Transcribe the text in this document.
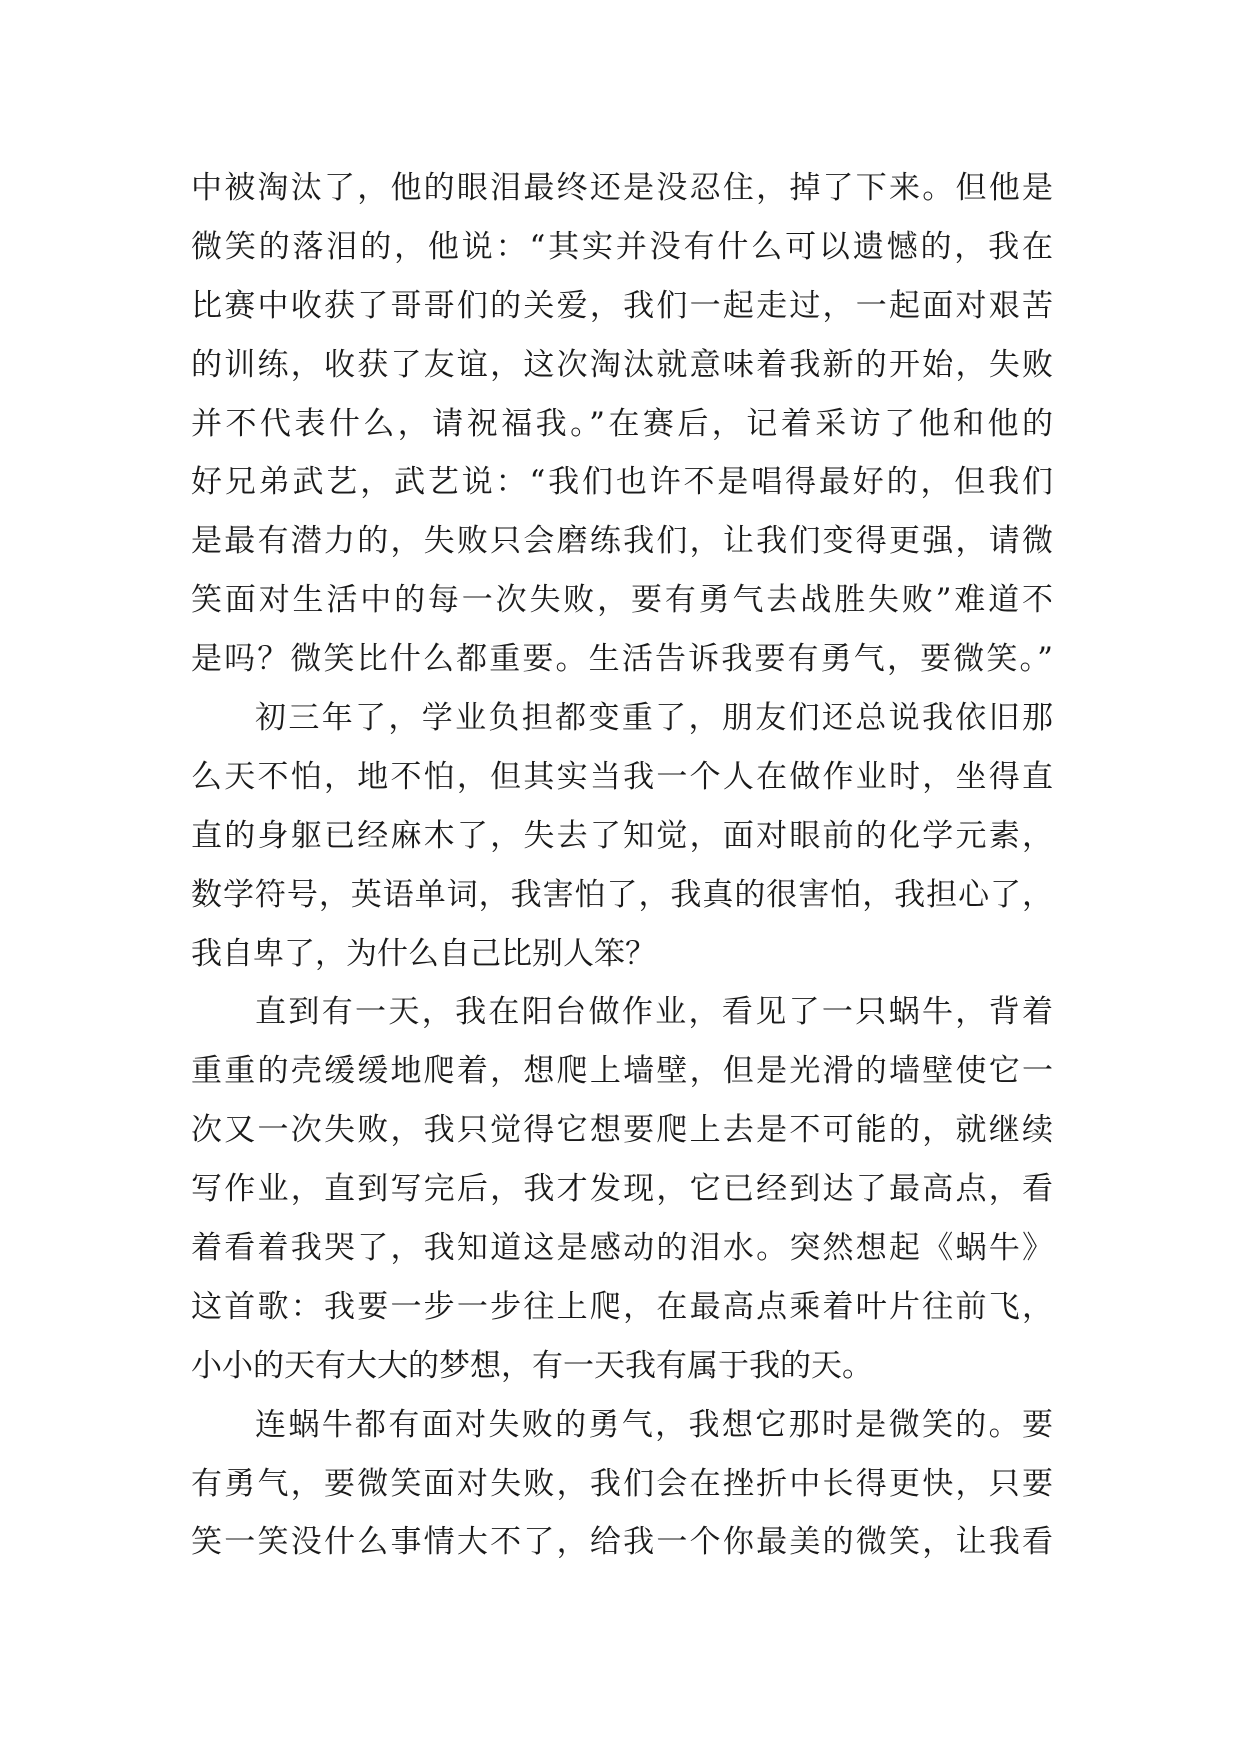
中被淘汰了，他的眼泪最终还是没忍住，掉了下来。但他是
微笑的落泪的，他说：“其实并没有什么可以遗憾的，我在
比赛中收获了哥哥们的关爱，我们一起走过，一起面对艰苦
的训练，收获了友谊，这次淘汰就意味着我新的开始，失败
并不代表什么，请祝福我。”在赛后，记着采访了他和他的
好兄弟武艺，武艺说：“我们也许不是唱得最好的，但我们
是最有潜力的，失败只会磨练我们，让我们变得更强，请微
笑面对生活中的每一次失败，要有勇气去战胜失败”难道不
是吗？微笑比什么都重要。生活告诉我要有勇气，要微笑。”
初三年了，学业负担都变重了，朋友们还总说我依旧那
么天不怕，地不怕，但其实当我一个人在做作业时，坐得直
直的身躯已经麻木了，失去了知觉，面对眼前的化学元素，
数学符号，英语单词，我害怕了，我真的很害怕，我担心了，
我自卑了，为什么自己比别人笨？
直到有一天，我在阳台做作业，看见了一只蜗牛，背着
重重的壳缓缓地爬着，想爬上墙壁，但是光滑的墙壁使它一
次又一次失败，我只觉得它想要爬上去是不可能的，就继续
写作业，直到写完后，我才发现，它已经到达了最高点，看
着看着我哭了，我知道这是感动的泪水。突然想起《蜗牛》
这首歌：我要一步一步往上爬，在最高点乘着叶片往前飞，
小小的天有大大的梦想，有一天我有属于我的天。
连蜗牛都有面对失败的勇气，我想它那时是微笑的。要
有勇气，要微笑面对失败，我们会在挫折中长得更快，只要
笑一笑没什么事情大不了，给我一个你最美的微笑，让我看
